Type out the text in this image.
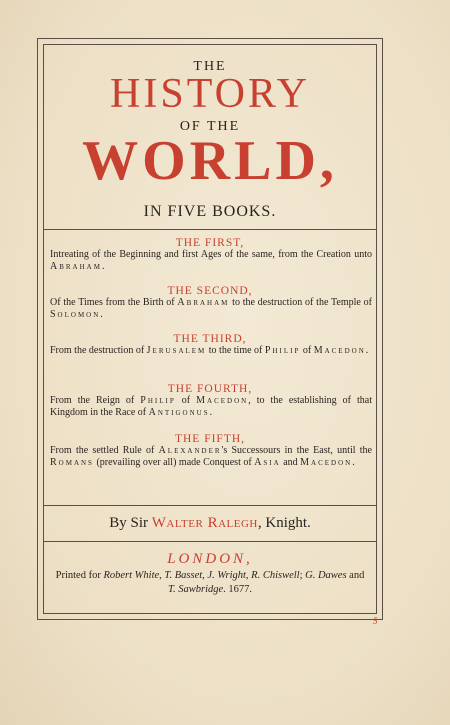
THE
HISTORY
OF THE
WORLD,
IN FIVE BOOKS.
THE FIRST,
Intreating of the Beginning and first Ages of the same, from the Creation unto Abraham.
THE SECOND,
Of the Times from the Birth of Abraham to the destruction of the Temple of Solomon.
THE THIRD,
From the destruction of Jerusalem to the time of Philip of Macedon.
THE FOURTH,
From the Reign of Philip of Macedon, to the establishing of that Kingdom in the Race of Antigonus.
THE FIFTH,
From the settled Rule of Alexander's Successours in the East, until the Romans (prevailing over all) made Conquest of Asia and Macedon.
By Sir Walter Ralegh, Knight.
LONDON,
Printed for Robert White, T. Basset, J. Wright, R. Chiswell; G. Dawes and T. Sawbridge. 1677.
5
